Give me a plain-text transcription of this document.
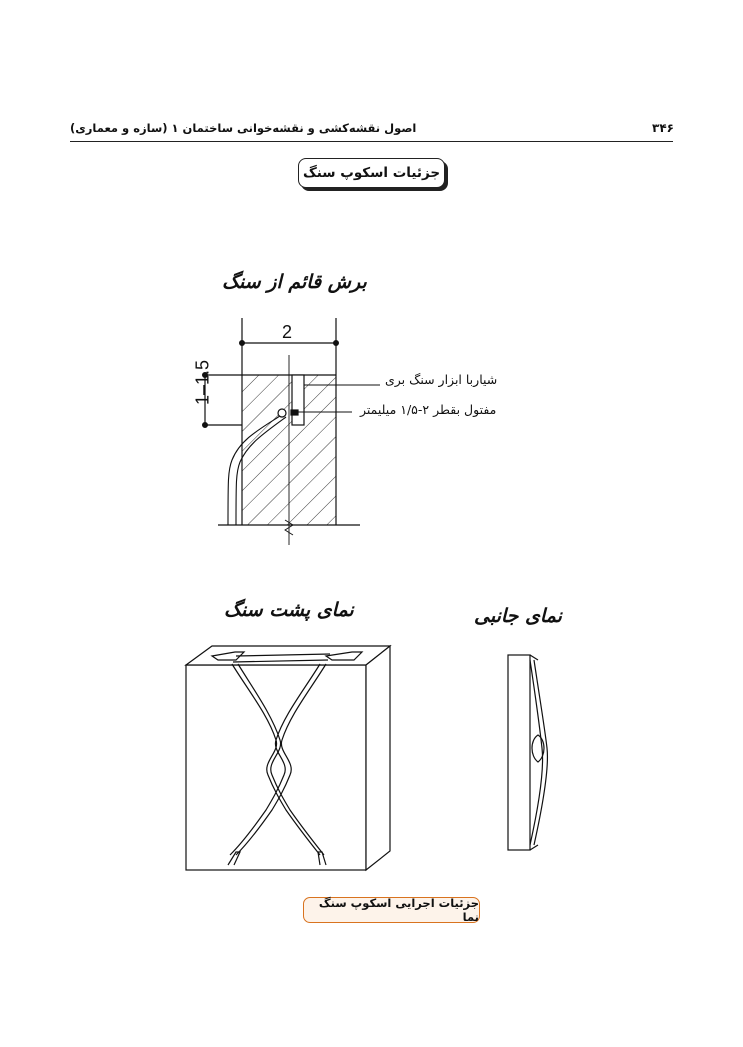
۳۴۶
اصول نقشه‌کشی و نقشه‌خوانی ساختمان ۱ (سازه و معماری)
جزئیات اسکوپ سنگ
برش قائم از سنگ
نمای پشت سنگ	نمای جانبی
2
1–1.5	شیاربا ابزار سنگ بری
مفتول بقطر ۲-۱/۵ میلیمتر
جزئیات اجرایی اسکوپ سنگ نما
